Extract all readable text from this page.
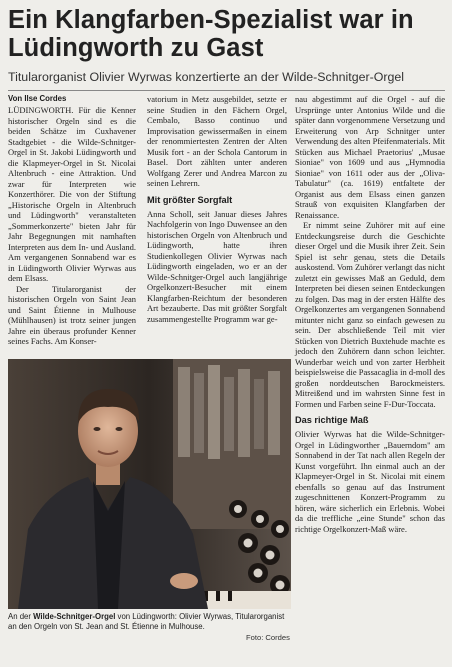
Ein Klangfarben-Spezialist war in Lüdingworth zu Gast

Titularorganist Olivier Wyrwas konzertierte an der Wilde-Schnitger-Orgel

Von Ilse Cordes

LÜDINGWORTH. Für die Kenner historischer Orgeln sind es die beiden Schätze im Cuxhavener Stadtgebiet - die Wilde-Schnitger-Orgel in St. Jakobi Lüdingworth und die Klapmeyer-Orgel in St. Nicolai Altenbruch - eine Attraktion. Und zwar für Interpreten wie Konzerthörer. Die von der Stiftung „Historische Orgeln in Altenbruch und Lüdingworth" veranstalteten „Sommerkonzerte" bieten Jahr für Jahr Begegnungen mit namhaften Interpreten aus dem In- und Ausland. Am vergangenen Sonnabend war es in Lüdingworth Olivier Wyrwas aus dem Elsass.

Der Titularorganist der historischen Orgeln von Saint Jean und Saint Étienne in Mulhouse (Mühlhausen) ist trotz seiner jungen Jahre ein überaus profunder Kenner seines Fachs. Am Konser-

vatorium in Metz ausgebildet, setzte er seine Studien in den Fächern Orgel, Cembalo, Basso continuo und Improvisation gewissermaßen in einem der renommiertesten Zentren der Alten Musik fort - an der Schola Cantorum in Basel. Dort zählten unter anderen Wolfgang Zerer und Andrea Marcon zu seinen Lehrern.

Mit größter Sorgfalt

Anna Scholl, seit Januar dieses Jahres Nachfolgerin von Ingo Duwensee an den historischen Orgeln von Altenbruch und Lüdingworth, hatte ihren Studienkollegen Olivier Wyrwas nach Lüdingworth eingeladen, wo er an der Wilde-Schnitger-Orgel auch langjährige Orgelkonzert-Besucher mit einem Klangfarben-Reichtum der besonderen Art bezauberte. Das mit größter Sorgfalt zusammengestellte Programm war ge-

nau abgestimmt auf die Orgel - auf die Ursprünge unter Antonius Wilde und die später dann vorgenommene Versetzung und Erweiterung von Arp Schnitger unter Verwendung des alten Pfeifenmaterials. Mit Stücken aus Michael Praetorius' „Musae Sioniae" von 1609 und aus „Hymnodia Sioniae" von 1611 oder aus der „Oliva-Tabulatur" (ca. 1619) entfaltete der Organist aus dem Elsass einen ganzen Strauß von exquisiten Klangfarben der Renaissance.

Er nimmt seine Zuhörer mit auf eine Entdeckungsreise durch die Geschichte dieser Orgel und die Musik ihrer Zeit. Sein Spiel ist sehr genau, stets die Details auskostend. Vom Zuhörer verlangt das nicht zuletzt ein gewisses Maß an Geduld, dem Interpreten bei diesen seinen Entdeckungen zu folgen. Das mag in der ersten Hälfte des Orgelkonzertes am vergangenen Sonnabend mitunter nicht ganz so einfach gewesen zu sein. Der abschließende Teil mit vier Stücken von Dietrich Buxtehude machte es jedoch den Zuhörern dann schon leichter. Wunderbar weich und von zarter Herbheit beispielsweise die Passacaglia in d-moll des großen norddeutschen Barockmeisters. Mitreißend und im wahrsten Sinne fest in Formen und Farben seine F-Dur-Toccata.

Das richtige Maß

Olivier Wyrwas hat die Wilde-Schnitger-Orgel in Lüdingworther „Bauerndom" am Sonnabend in der Tat nach allen Regeln der Kunst vorgeführt. Ihn einmal auch an der Klapmeyer-Orgel in St. Nicolai mit einem ebenfalls so genau auf das Instrument zugeschnittenen Konzert-Programm zu hören, wäre sicherlich ein Erlebnis. Wobei da die treffliche „eine Stunde" schon das richtige Orgelkonzert-Maß wäre.

An der Wilde-Schnitger-Orgel von Lüdingworth: Olivier Wyrwas, Titularorganist an den Orgeln von St. Jean and St. Étienne in Mulhouse.

Foto: Cordes
